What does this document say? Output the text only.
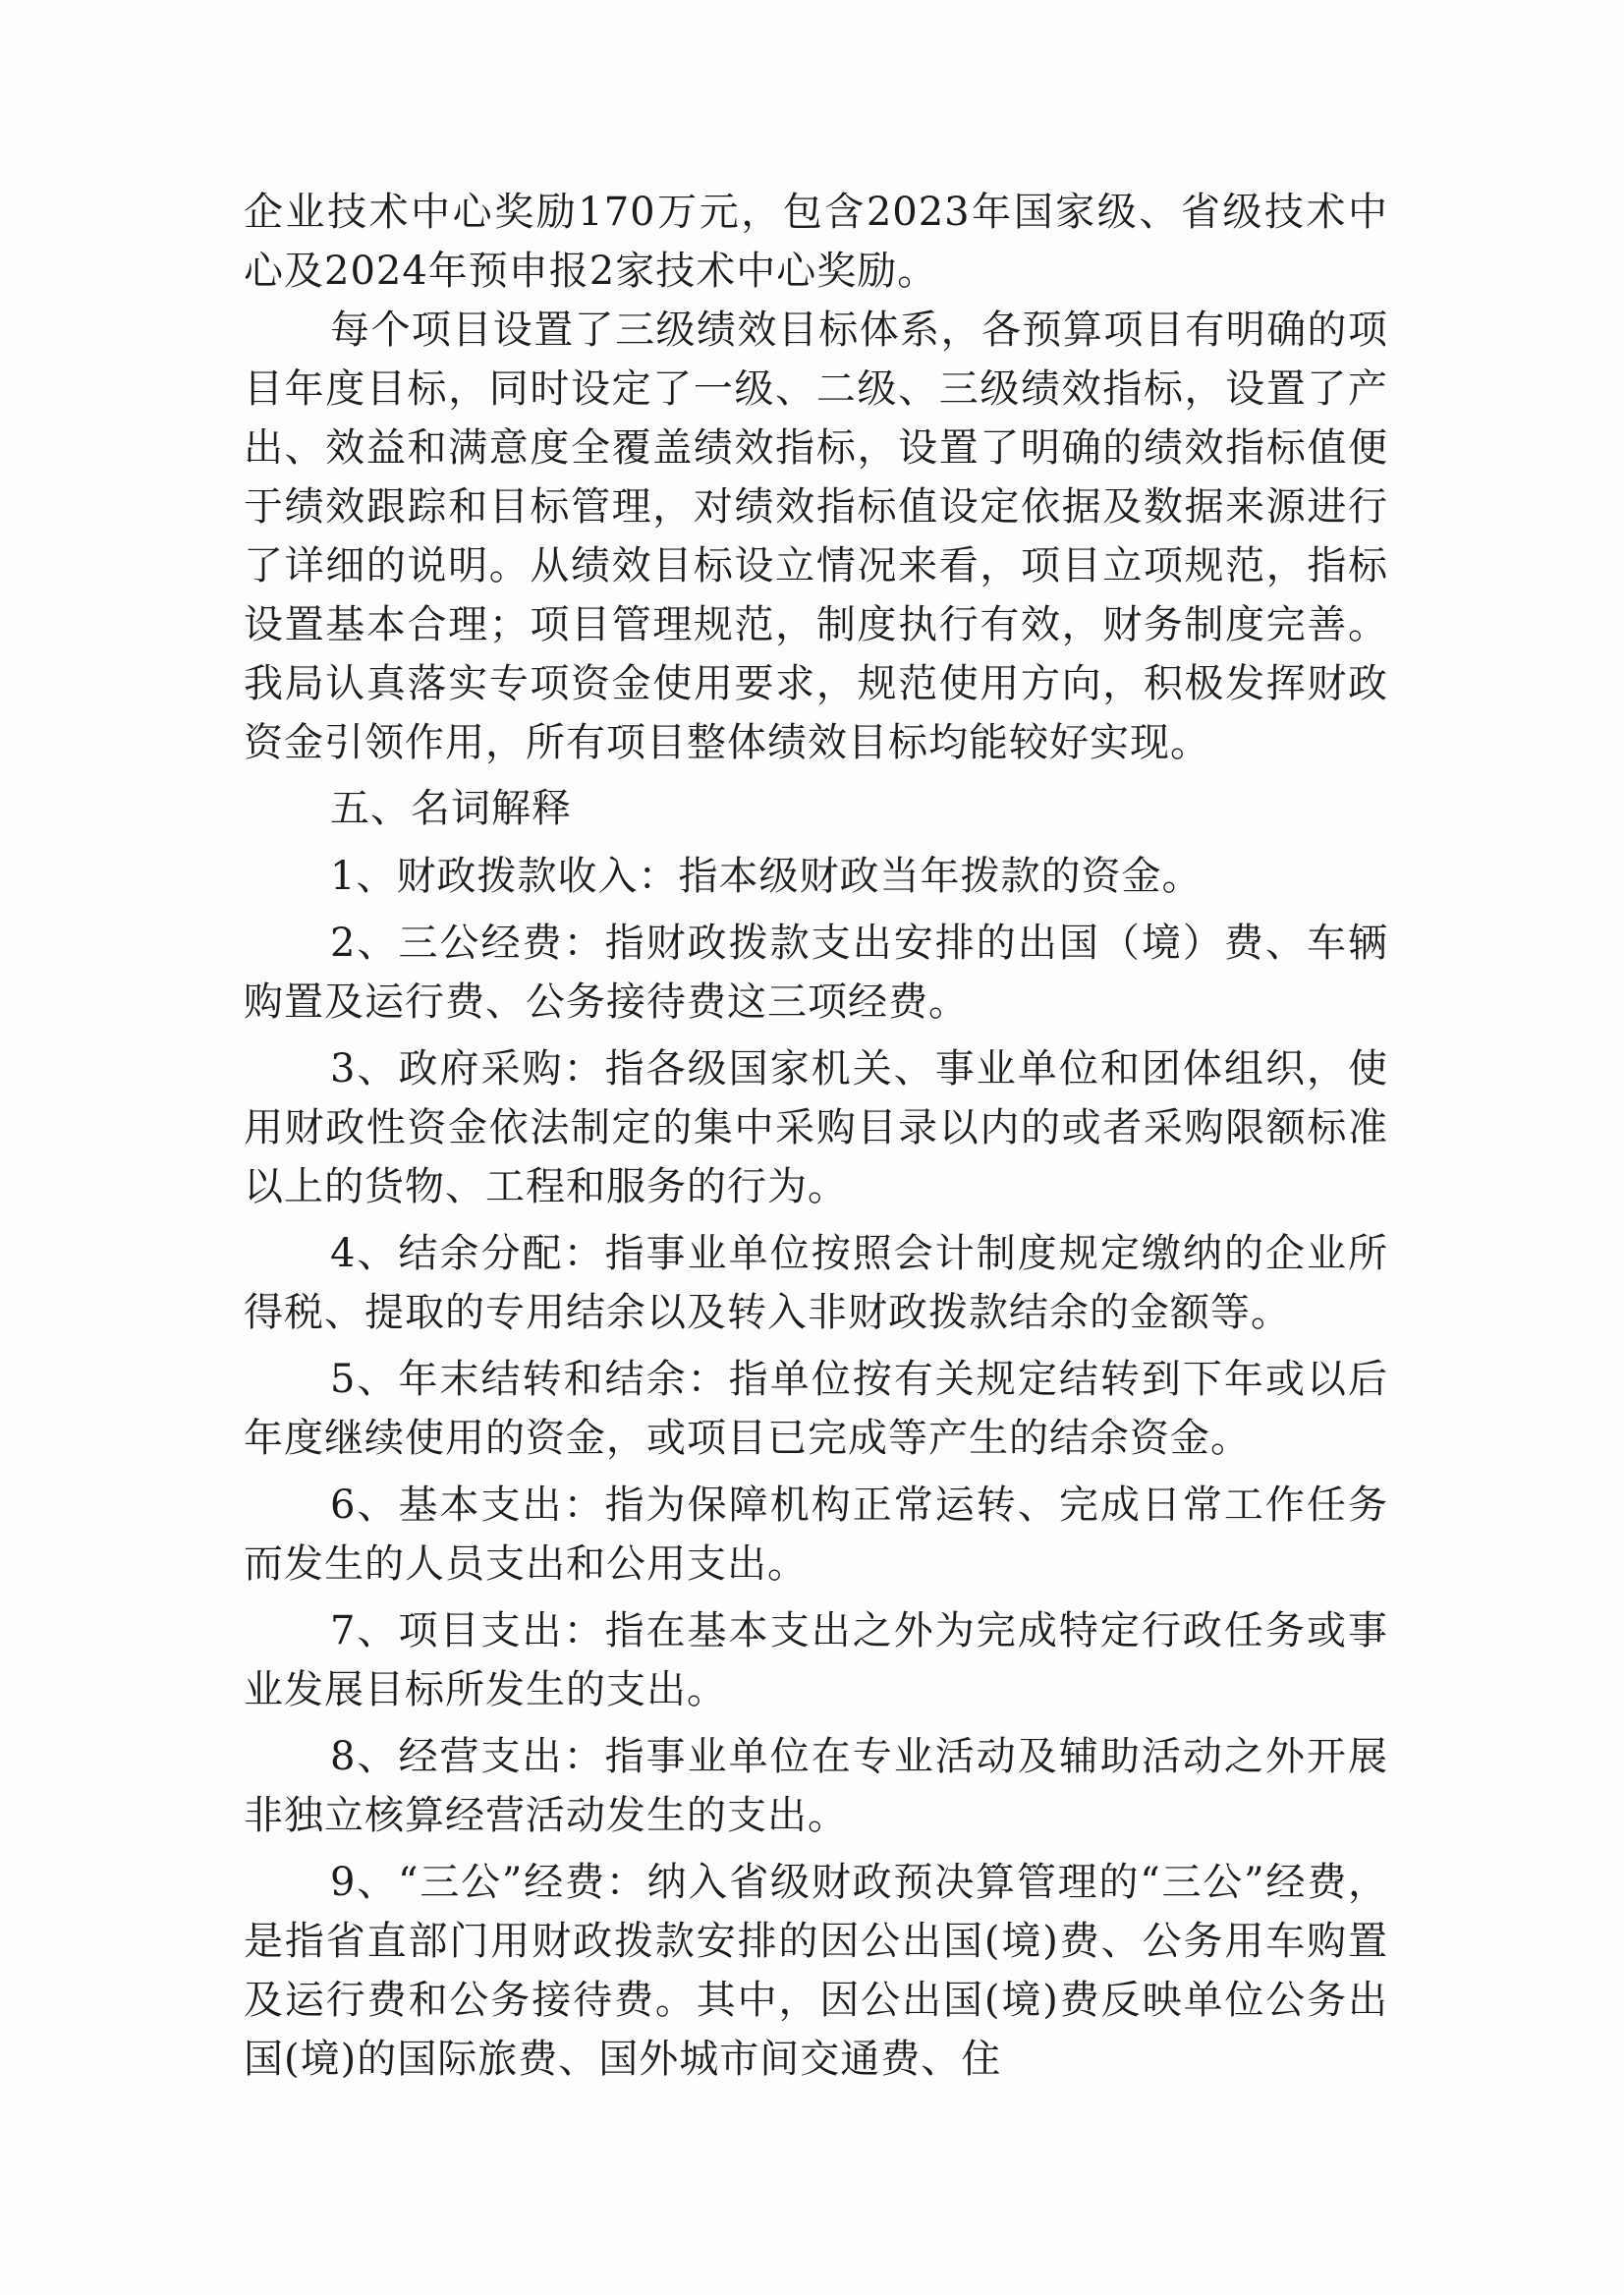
企业技术中心奖励170万元，包含2023年国家级、省级技术中心及2024年预申报2家技术中心奖励。

每个项目设置了三级绩效目标体系，各预算项目有明确的项目年度目标，同时设定了一级、二级、三级绩效指标，设置了产出、效益和满意度全覆盖绩效指标，设置了明确的绩效指标值便于绩效跟踪和目标管理，对绩效指标值设定依据及数据来源进行了详细的说明。从绩效目标设立情况来看，项目立项规范，指标设置基本合理；项目管理规范，制度执行有效，财务制度完善。我局认真落实专项资金使用要求，规范使用方向，积极发挥财政资金引领作用，所有项目整体绩效目标均能较好实现。

五、名词解释

1、财政拨款收入：指本级财政当年拨款的资金。

2、三公经费：指财政拨款支出安排的出国（境）费、车辆购置及运行费、公务接待费这三项经费。

3、政府采购：指各级国家机关、事业单位和团体组织，使用财政性资金依法制定的集中采购目录以内的或者采购限额标准以上的货物、工程和服务的行为。

4、结余分配：指事业单位按照会计制度规定缴纳的企业所得税、提取的专用结余以及转入非财政拨款结余的金额等。

5、年末结转和结余：指单位按有关规定结转到下年或以后年度继续使用的资金，或项目已完成等产生的结余资金。

6、基本支出：指为保障机构正常运转、完成日常工作任务而发生的人员支出和公用支出。

7、项目支出：指在基本支出之外为完成特定行政任务或事业发展目标所发生的支出。

8、经营支出：指事业单位在专业活动及辅助活动之外开展非独立核算经营活动发生的支出。

9、“三公”经费：纳入省级财政预决算管理的“三公”经费，是指省直部门用财政拨款安排的因公出国(境)费、公务用车购置及运行费和公务接待费。其中，因公出国(境)费反映单位公务出国(境)的国际旅费、国外城市间交通费、住
